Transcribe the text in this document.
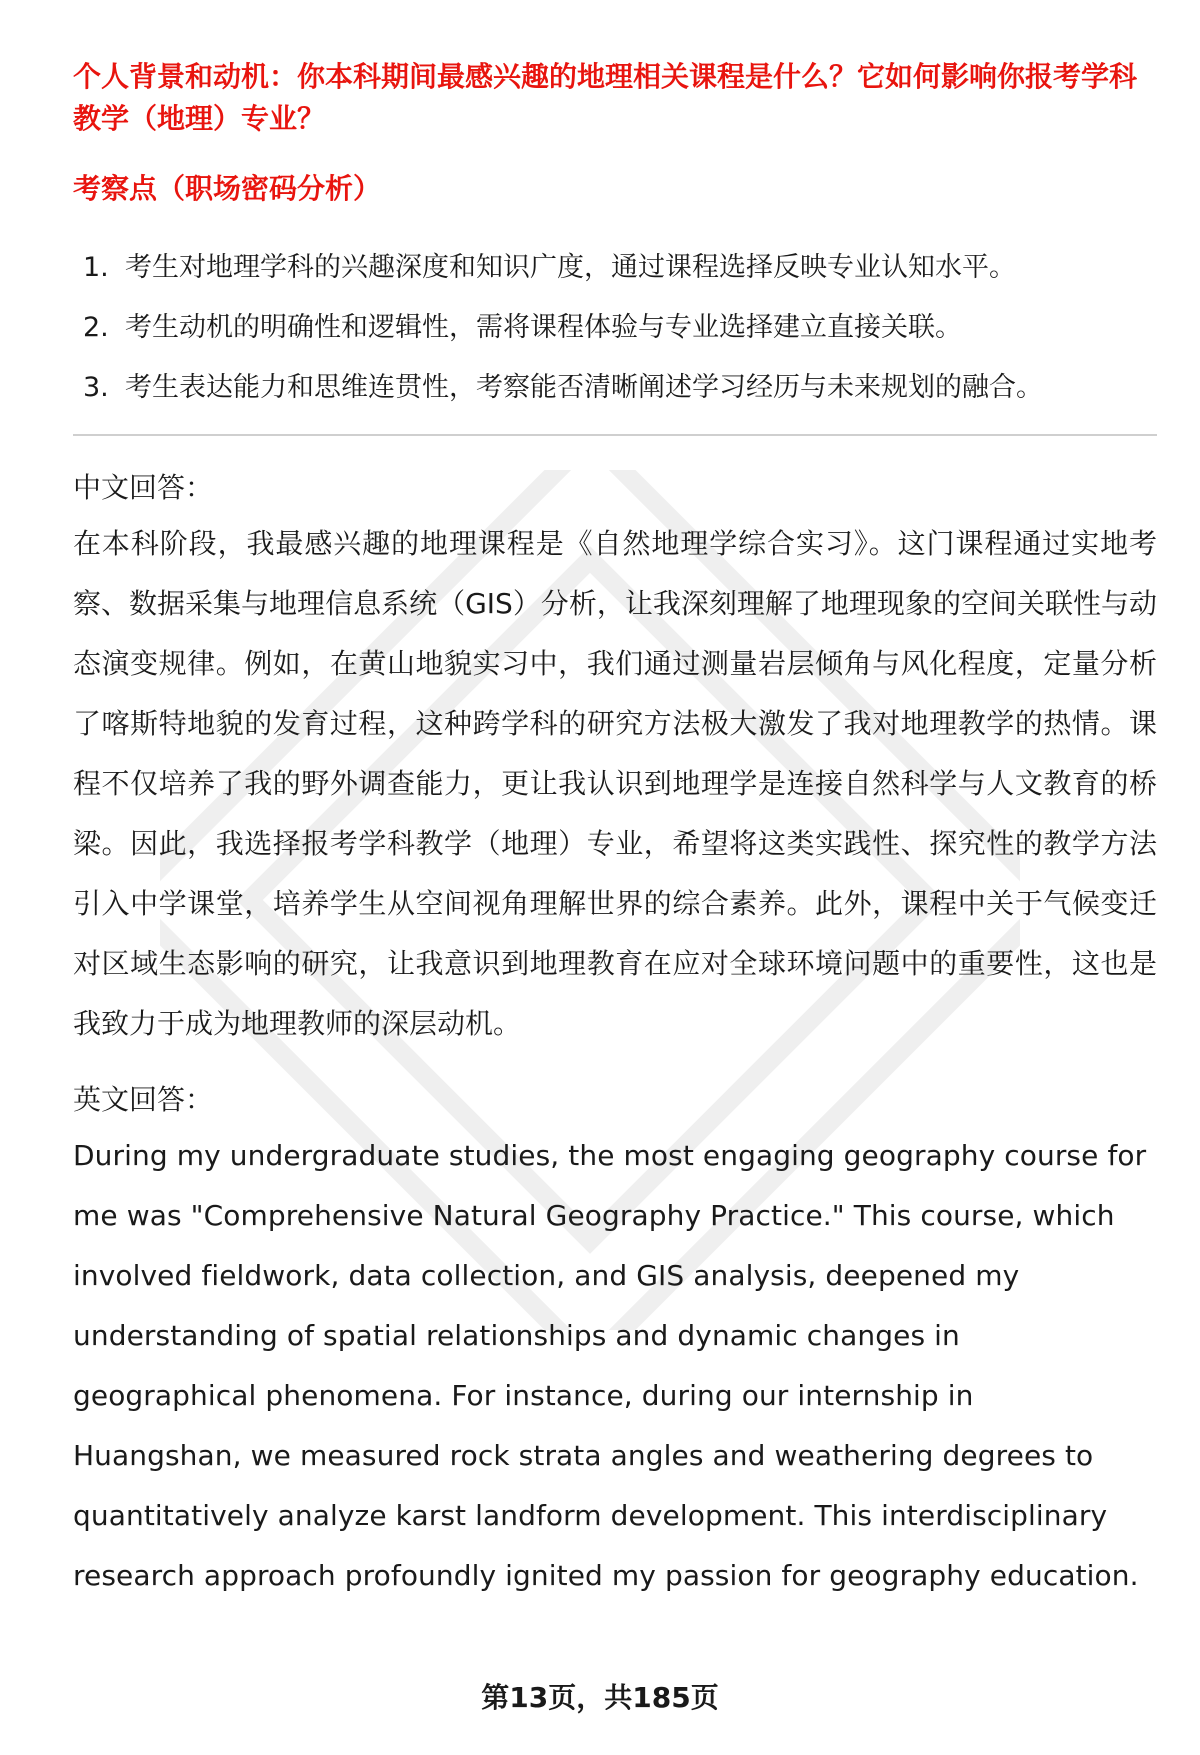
个人背景和动机：你本科期间最感兴趣的地理相关课程是什么？它如何影响你报考学科教学（地理）专业？

考察点（职场密码分析）

1. 考生对地理学科的兴趣深度和知识广度，通过课程选择反映专业认知水平。
2. 考生动机的明确性和逻辑性，需将课程体验与专业选择建立直接关联。
3. 考生表达能力和思维连贯性，考察能否清晰阐述学习经历与未来规划的融合。

中文回答：

在本科阶段，我最感兴趣的地理课程是《自然地理学综合实习》。这门课程通过实地考察、数据采集与地理信息系统（GIS）分析，让我深刻理解了地理现象的空间关联性与动态演变规律。例如，在黄山地貌实习中，我们通过测量岩层倾角与风化程度，定量分析了喀斯特地貌的发育过程，这种跨学科的研究方法极大激发了我对地理教学的热情。课程不仅培养了我的野外调查能力，更让我认识到地理学是连接自然科学与人文教育的桥梁。因此，我选择报考学科教学（地理）专业，希望将这类实践性、探究性的教学方法引入中学课堂，培养学生从空间视角理解世界的综合素养。此外，课程中关于气候变迁对区域生态影响的研究，让我意识到地理教育在应对全球环境问题中的重要性，这也是我致力于成为地理教师的深层动机。

英文回答：

During my undergraduate studies, the most engaging geography course for
me was "Comprehensive Natural Geography Practice." This course, which
involved fieldwork, data collection, and GIS analysis, deepened my
understanding of spatial relationships and dynamic changes in
geographical phenomena. For instance, during our internship in
Huangshan, we measured rock strata angles and weathering degrees to
quantitatively analyze karst landform development. This interdisciplinary
research approach profoundly ignited my passion for geography education.
第13页，共185页
